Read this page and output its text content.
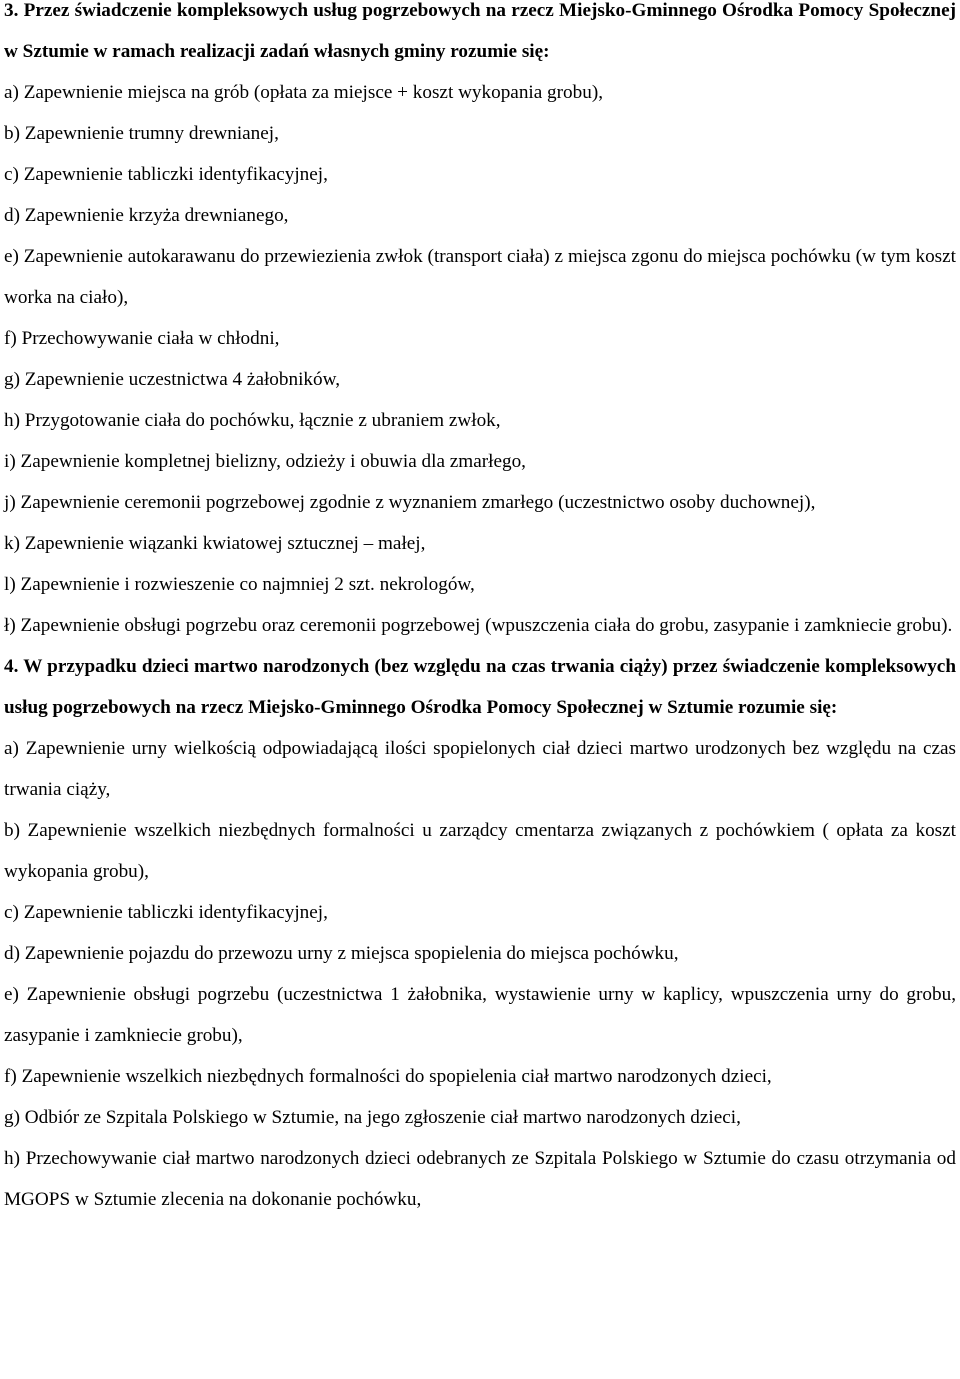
3. Przez świadczenie kompleksowych usług pogrzebowych na rzecz Miejsko-Gminnego Ośrodka Pomocy Społecznej w Sztumie w ramach realizacji zadań własnych gminy rozumie się:

a) Zapewnienie miejsca na grób (opłata za miejsce + koszt wykopania grobu),

b) Zapewnienie trumny drewnianej,

c) Zapewnienie tabliczki identyfikacyjnej,

d) Zapewnienie krzyża drewnianego,

e) Zapewnienie autokarawanu do przewiezienia zwłok (transport ciała) z miejsca zgonu do miejsca pochówku (w tym koszt worka na ciało),

f) Przechowywanie ciała w chłodni,

g) Zapewnienie uczestnictwa 4 żałobników,

h) Przygotowanie ciała do pochówku, łącznie z ubraniem zwłok,

i) Zapewnienie kompletnej bielizny, odzieży i obuwia dla zmarłego,

j) Zapewnienie ceremonii pogrzebowej zgodnie z wyznaniem zmarłego (uczestnictwo osoby duchownej),

k) Zapewnienie wiązanki kwiatowej sztucznej – małej,

l) Zapewnienie i rozwieszenie co najmniej 2 szt. nekrologów,

ł) Zapewnienie obsługi pogrzebu oraz ceremonii pogrzebowej (wpuszczenia ciała do grobu, zasypanie i zamkniecie grobu).

4. W przypadku dzieci martwo narodzonych (bez względu na czas trwania ciąży) przez świadczenie kompleksowych usług pogrzebowych na rzecz Miejsko-Gminnego Ośrodka Pomocy Społecznej w Sztumie rozumie się:

a) Zapewnienie urny wielkością odpowiadającą ilości spopielonych ciał dzieci martwo urodzonych bez względu na czas trwania ciąży,

b) Zapewnienie wszelkich niezbędnych formalności u zarządcy cmentarza związanych z pochówkiem ( opłata za koszt wykopania grobu),

c) Zapewnienie tabliczki identyfikacyjnej,

d) Zapewnienie pojazdu do przewozu urny z miejsca spopielenia do miejsca pochówku,

e) Zapewnienie obsługi pogrzebu (uczestnictwa 1 żałobnika, wystawienie urny w kaplicy, wpuszczenia urny do grobu, zasypanie i zamkniecie grobu),

f) Zapewnienie wszelkich niezbędnych formalności do spopielenia ciał martwo narodzonych dzieci,

g) Odbiór ze Szpitala Polskiego w Sztumie, na jego zgłoszenie ciał martwo narodzonych dzieci,

h) Przechowywanie ciał martwo narodzonych dzieci odebranych ze Szpitala Polskiego w Sztumie do czasu otrzymania od MGOPS w Sztumie zlecenia na dokonanie pochówku,
